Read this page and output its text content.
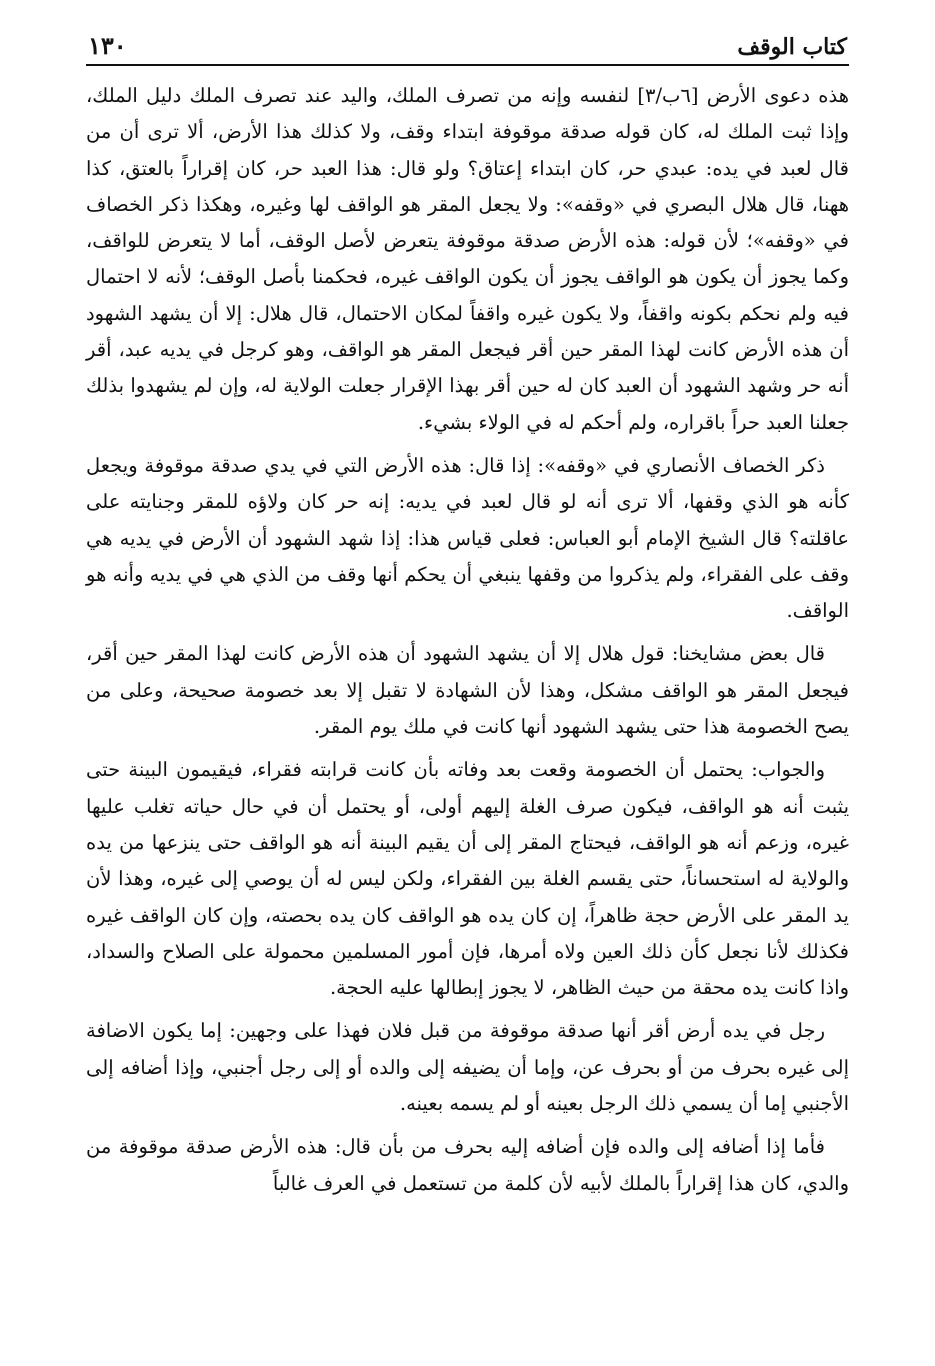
كتاب الوقف
١٣٠

هذه دعوى الأرض [٦ب/٣] لنفسه وإنه من تصرف الملك، واليد عند تصرف الملك دليل الملك، وإذا ثبت الملك له، كان قوله صدقة موقوفة ابتداء وقف، ولا كذلك هذا الأرض، ألا ترى أن من قال لعبد في يده: عبدي حر، كان ابتداء إعتاق؟ ولو قال: هذا العبد حر، كان إقراراً بالعتق، كذا ههنا، قال هلال البصري في «وقفه»: ولا يجعل المقر هو الواقف لها وغيره، وهكذا ذكر الخصاف في «وقفه»؛ لأن قوله: هذه الأرض صدقة موقوفة يتعرض لأصل الوقف، أما لا يتعرض للواقف، وكما يجوز أن يكون هو الواقف يجوز أن يكون الواقف غيره، فحكمنا بأصل الوقف؛ لأنه لا احتمال فيه ولم نحكم بكونه واقفاً، ولا يكون غيره واقفاً لمكان الاحتمال، قال هلال: إلا أن يشهد الشهود أن هذه الأرض كانت لهذا المقر حين أقر فيجعل المقر هو الواقف، وهو كرجل في يديه عبد، أقر أنه حر وشهد الشهود أن العبد كان له حين أقر بهذا الإقرار جعلت الولاية له، وإن لم يشهدوا بذلك جعلنا العبد حراً باقراره، ولم أحكم له في الولاء بشيء.

ذكر الخصاف الأنصاري في «وقفه»: إذا قال: هذه الأرض التي في يدي صدقة موقوفة ويجعل كأنه هو الذي وقفها، ألا ترى أنه لو قال لعبد في يديه: إنه حر كان ولاؤه للمقر وجنايته على عاقلته؟ قال الشيخ الإمام أبو العباس: فعلى قياس هذا: إذا شهد الشهود أن الأرض في يديه هي وقف على الفقراء، ولم يذكروا من وقفها ينبغي أن يحكم أنها وقف من الذي هي في يديه وأنه هو الواقف.

قال بعض مشايخنا: قول هلال إلا أن يشهد الشهود أن هذه الأرض كانت لهذا المقر حين أقر، فيجعل المقر هو الواقف مشكل، وهذا لأن الشهادة لا تقبل إلا بعد خصومة صحيحة، وعلى من يصح الخصومة هذا حتى يشهد الشهود أنها كانت في ملك يوم المقر.

والجواب: يحتمل أن الخصومة وقعت بعد وفاته بأن كانت قرابته فقراء، فيقيمون البينة حتى يثبت أنه هو الواقف، فيكون صرف الغلة إليهم أولى، أو يحتمل أن في حال حياته تغلب عليها غيره، وزعم أنه هو الواقف، فيحتاج المقر إلى أن يقيم البينة أنه هو الواقف حتى ينزعها من يده والولاية له استحساناً، حتى يقسم الغلة بين الفقراء، ولكن ليس له أن يوصي إلى غيره، وهذا لأن يد المقر على الأرض حجة ظاهراً، إن كان يده هو الواقف كان يده بحصته، وإن كان الواقف غيره فكذلك لأنا نجعل كأن ذلك العين ولاه أمرها، فإن أمور المسلمين محمولة على الصلاح والسداد، واذا كانت يده محقة من حيث الظاهر، لا يجوز إبطالها عليه الحجة.

رجل في يده أرض أقر أنها صدقة موقوفة من قبل فلان فهذا على وجهين: إما يكون الاضافة إلى غيره بحرف من أو بحرف عن، وإما أن يضيفه إلى والده أو إلى رجل أجنبي، وإذا أضافه إلى الأجنبي إما أن يسمي ذلك الرجل بعينه أو لم يسمه بعينه.

فأما إذا أضافه إلى والده فإن أضافه إليه بحرف من بأن قال: هذه الأرض صدقة موقوفة من والدي، كان هذا إقراراً بالملك لأبيه لأن كلمة من تستعمل في العرف غالباً
